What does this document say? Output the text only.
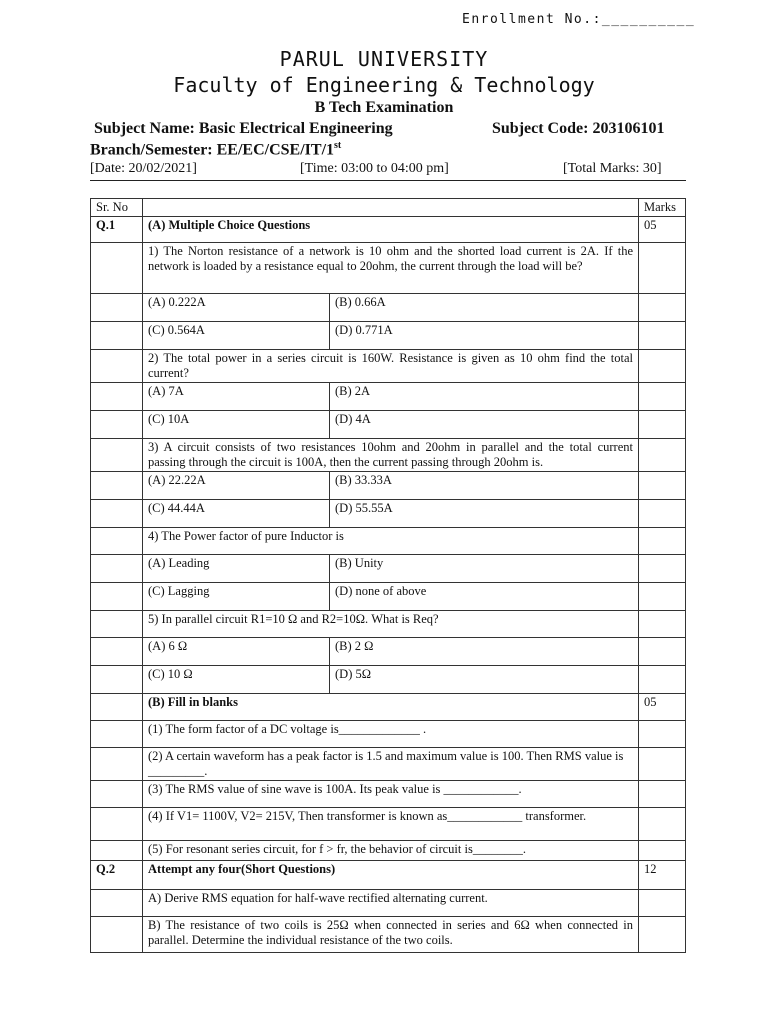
Enrollment No.:__________
PARUL UNIVERSITY
Faculty of Engineering & Technology
B Tech Examination
Subject Name: Basic Electrical Engineering	Subject Code: 203106101
Branch/Semester: EE/EC/CSE/IT/1st
[Date: 20/02/2021]	[Time: 03:00 to 04:00 pm]	[Total Marks: 30]
Sr. No			Marks
Q.1	(A) Multiple Choice Questions		05
	1) The Norton resistance of a network is 10 ohm and the shorted load current is 2A. If the network is loaded by a resistance equal to 20ohm, the current through the load will be?		
	(A) 0.222A	(B) 0.66A	
	(C) 0.564A	(D) 0.771A	
	2) The total power in a series circuit is 160W. Resistance is given as 10 ohm find the total current?		
	(A) 7A	(B) 2A	
	(C) 10A	(D) 4A	
	3) A circuit consists of two resistances 10ohm and 20ohm in parallel and the total current passing through the circuit is 100A, then the current passing through 20ohm is.		
	(A) 22.22A	(B) 33.33A	
	(C) 44.44A	(D) 55.55A	
	4) The Power factor of pure Inductor is		
	(A) Leading	(B) Unity	
	(C) Lagging	(D) none of above	
	5) In parallel circuit R1=10 Ω and R2=10Ω. What is Req?		
	(A) 6 Ω	(B) 2 Ω	
	(C) 10 Ω	(D) 5Ω	
	(B) Fill in blanks		05
	(1) The form factor of a DC voltage is_____________ .		
	(2) A certain waveform has a peak factor is 1.5 and maximum value is 100. Then RMS value is _________.		
	(3) The RMS value of sine wave is 100A. Its peak value is ____________.		
	(4) If V1= 1100V, V2= 215V, Then transformer is known as____________ transformer.		
	(5) For resonant series circuit, for f > fr, the behavior of circuit is________.		
Q.2	Attempt any four(Short Questions)		12
	A) Derive RMS equation for half-wave rectified alternating current.		
	B) The resistance of two coils is 25Ω when connected in series and 6Ω when connected in parallel. Determine the individual resistance of the two coils.		
